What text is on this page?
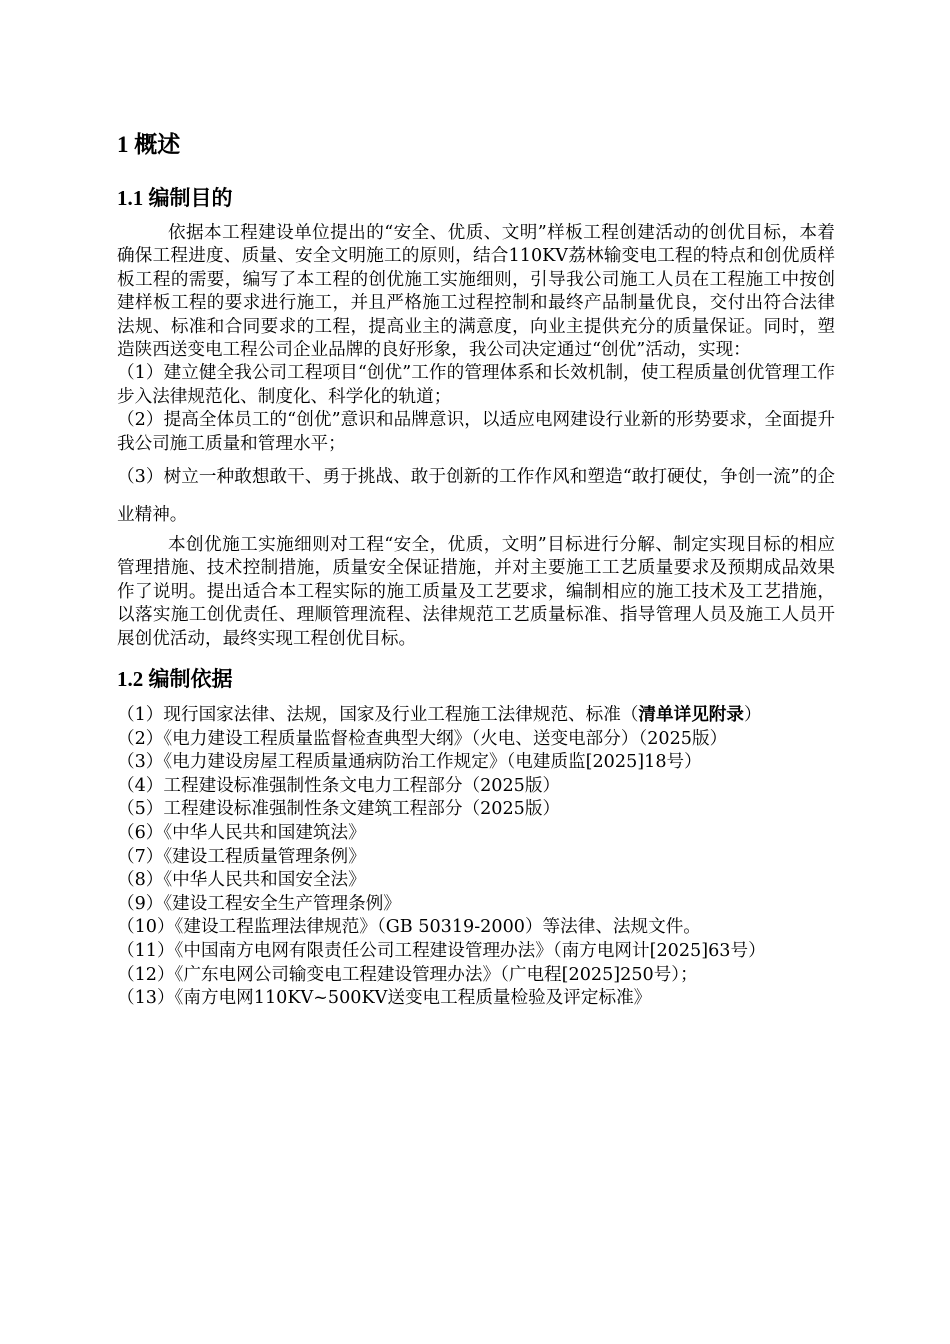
1 概述
1.1 编制目的

依据本工程建设单位提出的“安全、优质、文明”样板工程创建活动的创优目标，本着确保工程进度、质量、安全文明施工的原则，结合110KV荔林输变电工程的特点和创优质样板工程的需要，编写了本工程的创优施工实施细则，引导我公司施工人员在工程施工中按创建样板工程的要求进行施工，并且严格施工过程控制和最终产品制量优良，交付出符合法律法规、标准和合同要求的工程，提高业主的满意度，向业主提供充分的质量保证。同时，塑造陕西送变电工程公司企业品牌的良好形象，我公司决定通过“创优”活动，实现：

（1）建立健全我公司工程项目“创优”工作的管理体系和长效机制，使工程质量创优管理工作步入法律规范化、制度化、科学化的轨道；

（2）提高全体员工的“创优”意识和品牌意识，以适应电网建设行业新的形势要求，全面提升我公司施工质量和管理水平；

（3）树立一种敢想敢干、勇于挑战、敢于创新的工作作风和塑造“敢打硬仗，争创一流”的企业精神。

本创优施工实施细则对工程“安全，优质，文明”目标进行分解、制定实现目标的相应管理措施、技术控制措施，质量安全保证措施，并对主要施工工艺质量要求及预期成品效果作了说明。提出适合本工程实际的施工质量及工艺要求，编制相应的施工技术及工艺措施，以落实施工创优责任、理顺管理流程、法律规范工艺质量标准、指导管理人员及施工人员开展创优活动，最终实现工程创优目标。

1.2 编制依据

（1）现行国家法律、法规，国家及行业工程施工法律规范、标准（清单详见附录）

（2）《电力建设工程质量监督检查典型大纲》（火电、送变电部分）（2025版）

（3）《电力建设房屋工程质量通病防治工作规定》（电建质监[2025]18号）

（4）工程建设标准强制性条文电力工程部分（2025版）

（5）工程建设标准强制性条文建筑工程部分（2025版）

（6）《中华人民共和国建筑法》

（7）《建设工程质量管理条例》

（8）《中华人民共和国安全法》

（9）《建设工程安全生产管理条例》

（10）《建设工程监理法律规范》（GB 50319-2000）等法律、法规文件。

（11）《中国南方电网有限责任公司工程建设管理办法》（南方电网计[2025]63号）

（12）《广东电网公司输变电工程建设管理办法》（广电程[2025]250号）；

（13）《南方电网110KV~500KV送变电工程质量检验及评定标准》
